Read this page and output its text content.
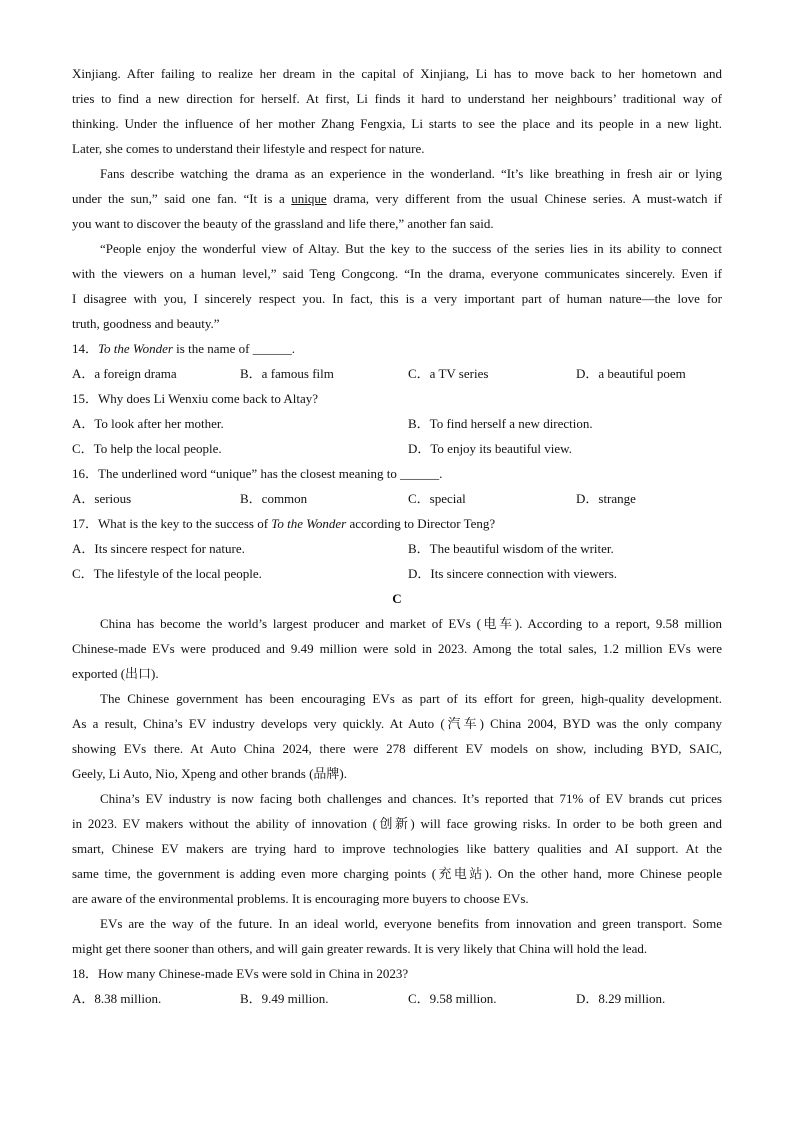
Xinjiang. After failing to realize her dream in the capital of Xinjiang, Li has to move back to her hometown and
tries to find a new direction for herself. At first, Li finds it hard to understand her neighbours’ traditional way of
thinking. Under the influence of her mother Zhang Fengxia, Li starts to see the place and its people in a new light.
Later, she comes to understand their lifestyle and respect for nature.
Fans describe watching the drama as an experience in the wonderland. “It’s like breathing in fresh air or lying
under the sun,” said one fan. “It is a unique drama, very different from the usual Chinese series. A must-watch if
you want to discover the beauty of the grassland and life there,” another fan said.
“People enjoy the wonderful view of Altay. But the key to the success of the series lies in its ability to connect
with the viewers on a human level,” said Teng Congcong. “In the drama, everyone communicates sincerely. Even if
I disagree with you, I sincerely respect you. In fact, this is a very important part of human nature—the love for
truth, goodness and beauty.”
14．To the Wonder is the name of ______.
A．a foreign drama	B．a famous film	C．a TV series	D．a beautiful poem
15．Why does Li Wenxiu come back to Altay?
A．To look after her mother.	B．To find herself a new direction.
C．To help the local people.	D．To enjoy its beautiful view.
16．The underlined word “unique” has the closest meaning to ______.
A．serious	B．common	C．special	D．strange
17．What is the key to the success of To the Wonder according to Director Teng?
A．Its sincere respect for nature.	B．The beautiful wisdom of the writer.
C．The lifestyle of the local people.	D．Its sincere connection with viewers.
C
China has become the world’s largest producer and market of EVs (电车). According to a report, 9.58 million
Chinese-made EVs were produced and 9.49 million were sold in 2023. Among the total sales, 1.2 million EVs were
exported (出口).
The Chinese government has been encouraging EVs as part of its effort for green, high-quality development.
As a result, China’s EV industry develops very quickly. At Auto (汽车) China 2004, BYD was the only company
showing EVs there. At Auto China 2024, there were 278 different EV models on show, including BYD, SAIC,
Geely, Li Auto, Nio, Xpeng and other brands (品牌).
China’s EV industry is now facing both challenges and chances. It’s reported that 71% of EV brands cut prices
in 2023. EV makers without the ability of innovation (创新) will face growing risks. In order to be both green and
smart, Chinese EV makers are trying hard to improve technologies like battery qualities and AI support. At the
same time, the government is adding even more charging points (充电站). On the other hand, more Chinese people
are aware of the environmental problems. It is encouraging more buyers to choose EVs.
EVs are the way of the future. In an ideal world, everyone benefits from innovation and green transport. Some
might get there sooner than others, and will gain greater rewards. It is very likely that China will hold the lead.
18．How many Chinese-made EVs were sold in China in 2023?
A．8.38 million.	B．9.49 million.	C．9.58 million.	D．8.29 million.
